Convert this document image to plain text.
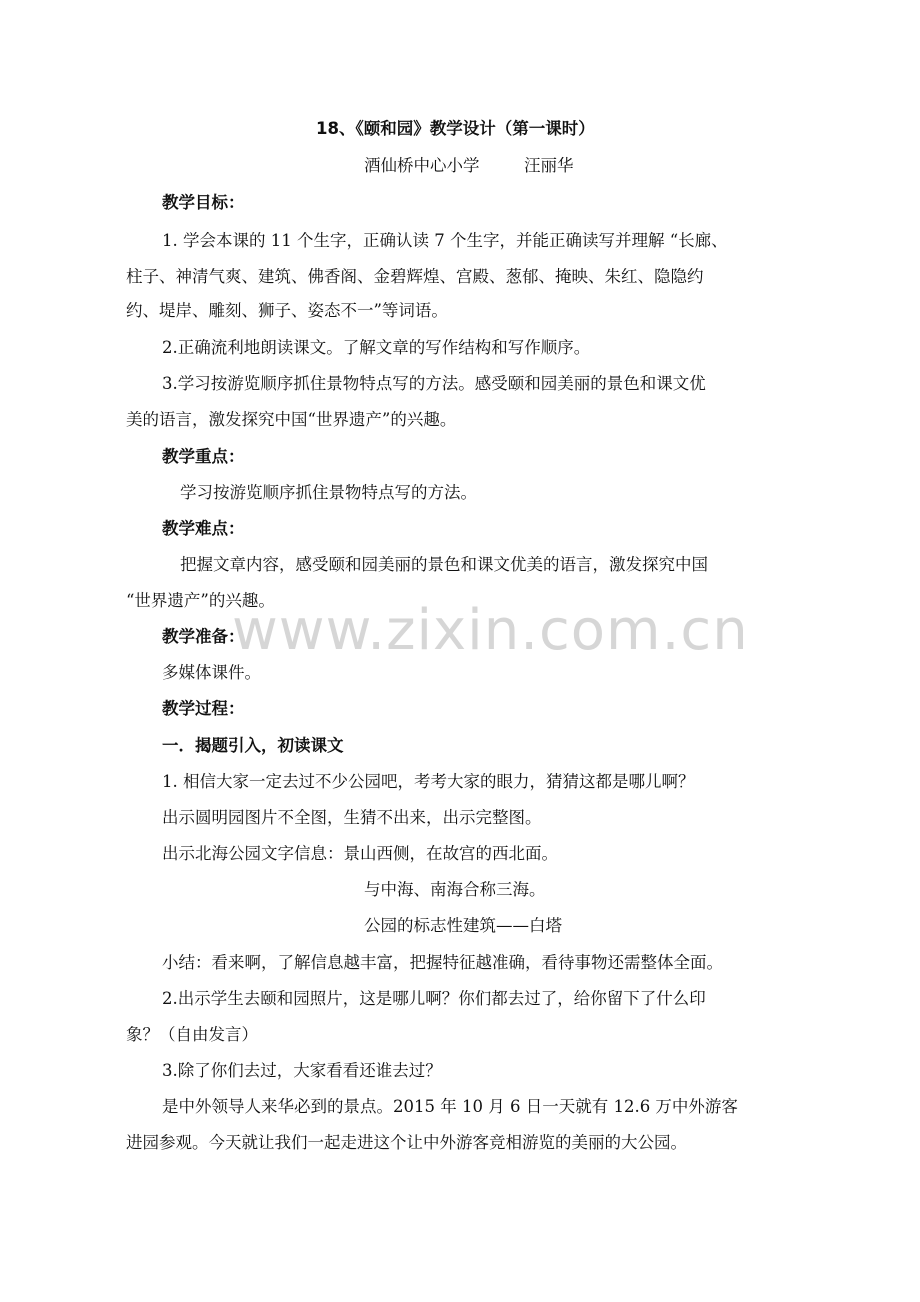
www.zixin.com.cn
18、《颐和园》教学设计（第一课时）
酒仙桥中心小学	汪丽华
教学目标：
1. 学会本课的 11 个生字，正确认读 7 个生字，并能正确读写并理解 “长廊、
柱子、神清气爽、建筑、佛香阁、金碧辉煌、宫殿、葱郁、掩映、朱红、隐隐约
约、堤岸、雕刻、狮子、姿态不一”等词语。
2.正确流利地朗读课文。了解文章的写作结构和写作顺序。
3.学习按游览顺序抓住景物特点写的方法。感受颐和园美丽的景色和课文优
美的语言，激发探究中国“世界遗产”的兴趣。
教学重点：
学习按游览顺序抓住景物特点写的方法。
教学难点：
把握文章内容，感受颐和园美丽的景色和课文优美的语言，激发探究中国
“世界遗产”的兴趣。
教学准备：
多媒体课件。
教学过程：
一．揭题引入，初读课文
1. 相信大家一定去过不少公园吧，考考大家的眼力，猜猜这都是哪儿啊？
出示圆明园图片不全图，生猜不出来，出示完整图。
出示北海公园文字信息：景山西侧，在故宫的西北面。
与中海、南海合称三海。
公园的标志性建筑——白塔
小结：看来啊，了解信息越丰富，把握特征越准确，看待事物还需整体全面。
2.出示学生去颐和园照片，这是哪儿啊？你们都去过了，给你留下了什么印
象？（自由发言）
3.除了你们去过，大家看看还谁去过？
是中外领导人来华必到的景点。2015 年 10 月 6 日一天就有 12.6 万中外游客
进园参观。今天就让我们一起走进这个让中外游客竞相游览的美丽的大公园。
